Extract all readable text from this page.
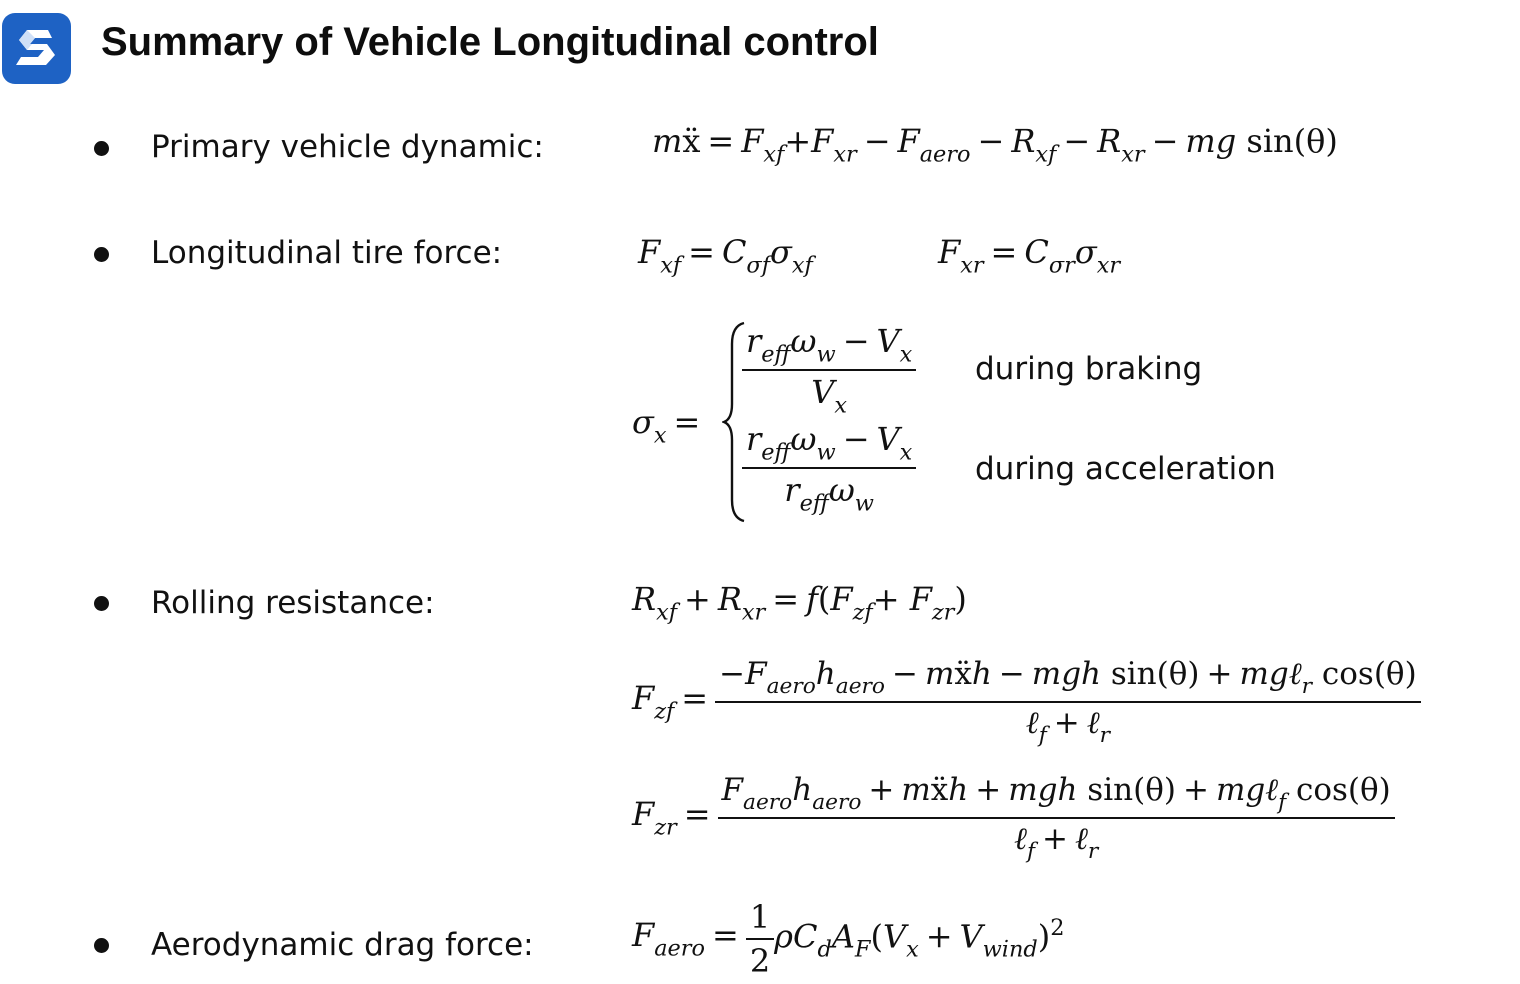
Summary of Vehicle Longitudinal control
Primary vehicle dynamic:
Longitudinal tire force:
Rolling resistance:
Aerodynamic drag force:
mẍ = $F_{xf}+F_{xr} - F_{aero} - R_{xf} - R_{xr}$ − mg sin(θ)
$F_{xf} = C_{\sigma f}\sigma_{xf}$	$F_{xr} = C_{\sigma r}\sigma_{xr}$
$\sigma_x$ =
$\frac{r_{eff}\omega_w - V_x}{V_x}$ during braking
$\frac{r_{eff}\omega_w - V_x}{r_{eff}\omega_w}$ during acceleration
$R_{xf} + R_{xr} = f(F_{zf}+ F_{zr})$
$F_{zf} = \frac{-F_{aero}h_{aero} - mẍh - mgh \sin(\theta) + mg\ell_r \cos(\theta)}{\ell_f + \ell_r}$
$F_{zr} = \frac{F_{aero}h_{aero} + mẍh + mgh \sin(\theta) + mg\ell_f \cos(\theta)}{\ell_f + \ell_r}$
$F_{aero} = \frac{1}{2} \rho C_dA_F(V_x + V_{wind})^2$
